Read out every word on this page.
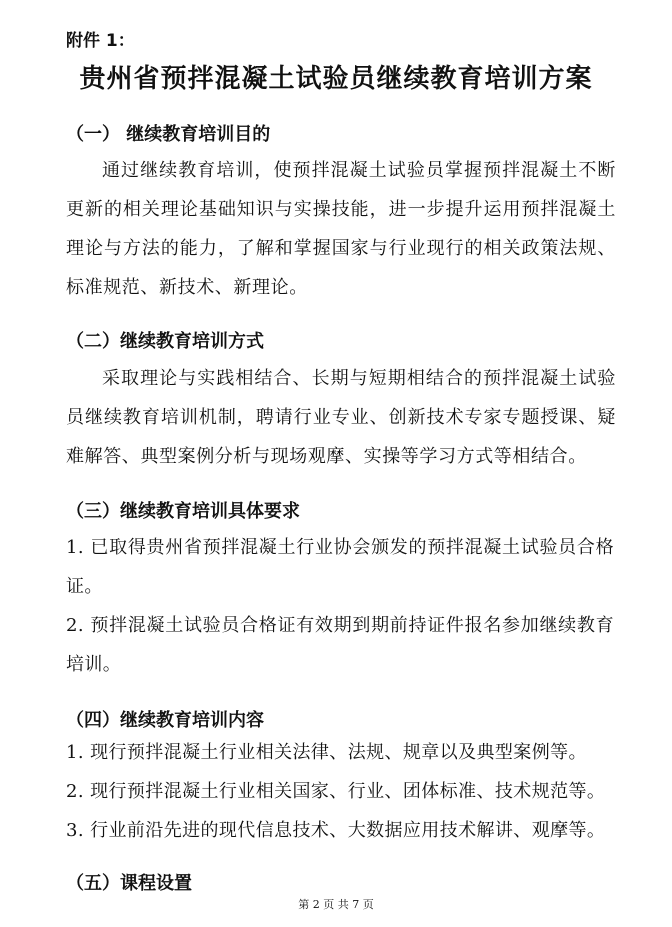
附件 1：
贵州省预拌混凝土试验员继续教育培训方案
（一） 继续教育培训目的
通过继续教育培训，使预拌混凝土试验员掌握预拌混凝土不断更新的相关理论基础知识与实操技能，进一步提升运用预拌混凝土理论与方法的能力，了解和掌握国家与行业现行的相关政策法规、标准规范、新技术、新理论。
（二）继续教育培训方式
采取理论与实践相结合、长期与短期相结合的预拌混凝土试验员继续教育培训机制，聘请行业专业、创新技术专家专题授课、疑难解答、典型案例分析与现场观摩、实操等学习方式等相结合。
（三）继续教育培训具体要求
1. 已取得贵州省预拌混凝土行业协会颁发的预拌混凝土试验员合格证。
2. 预拌混凝土试验员合格证有效期到期前持证件报名参加继续教育培训。
（四）继续教育培训内容
1. 现行预拌混凝土行业相关法律、法规、规章以及典型案例等。
2. 现行预拌混凝土行业相关国家、行业、团体标准、技术规范等。
3. 行业前沿先进的现代信息技术、大数据应用技术解讲、观摩等。
（五）课程设置
第 2 页 共 7 页
